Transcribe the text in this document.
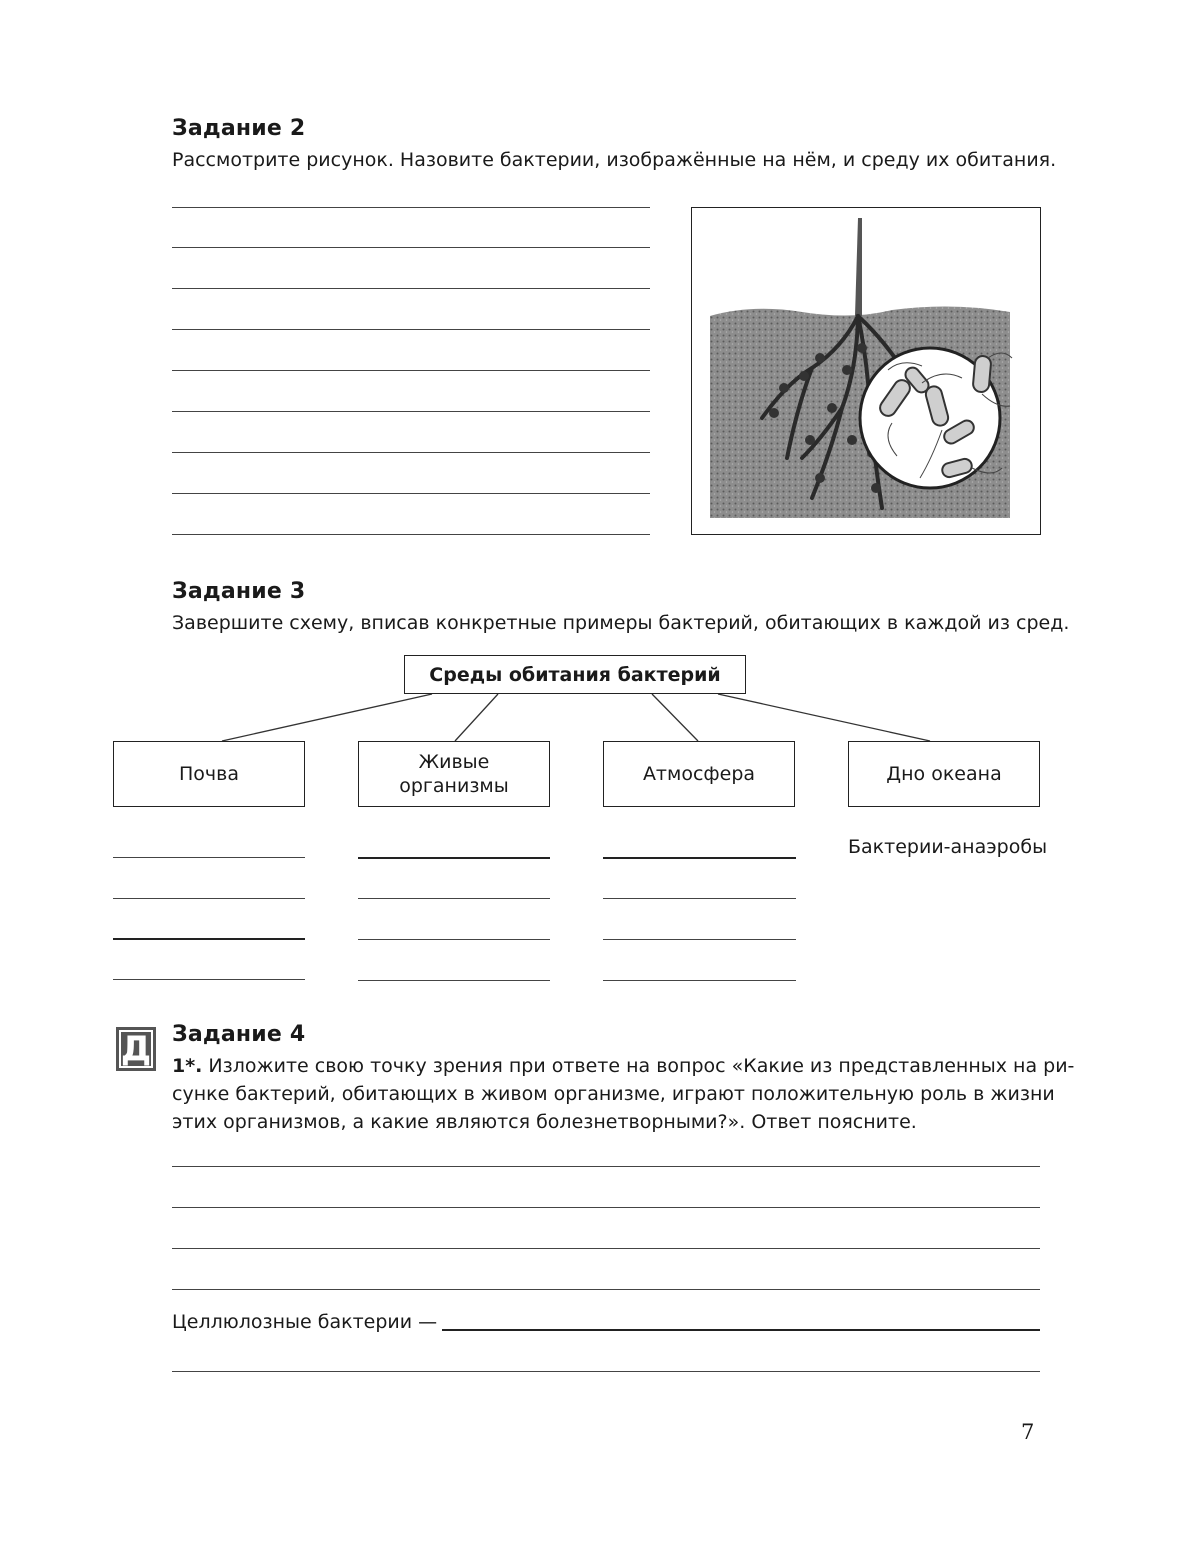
Задание 2
Рассмотрите рисунок. Назовите бактерии, изображённые на нём, и среду их обитания.
Задание 3
Завершите схему, вписав конкретные примеры бактерий, обитающих в каждой из сред.
Среды обитания бактерий
Почва
Живые
организмы
Атмосфера	Дно океана
Бактерии-анаэробы
Д Задание 4
1*. Изложите свою точку зрения при ответе на вопрос «Какие из представленных на ри-
сунке бактерий, обитающих в живом организме, играют положительную роль в жизни
этих организмов, а какие являются болезнетворными?». Ответ поясните.
Целлюлозные бактерии —
7
